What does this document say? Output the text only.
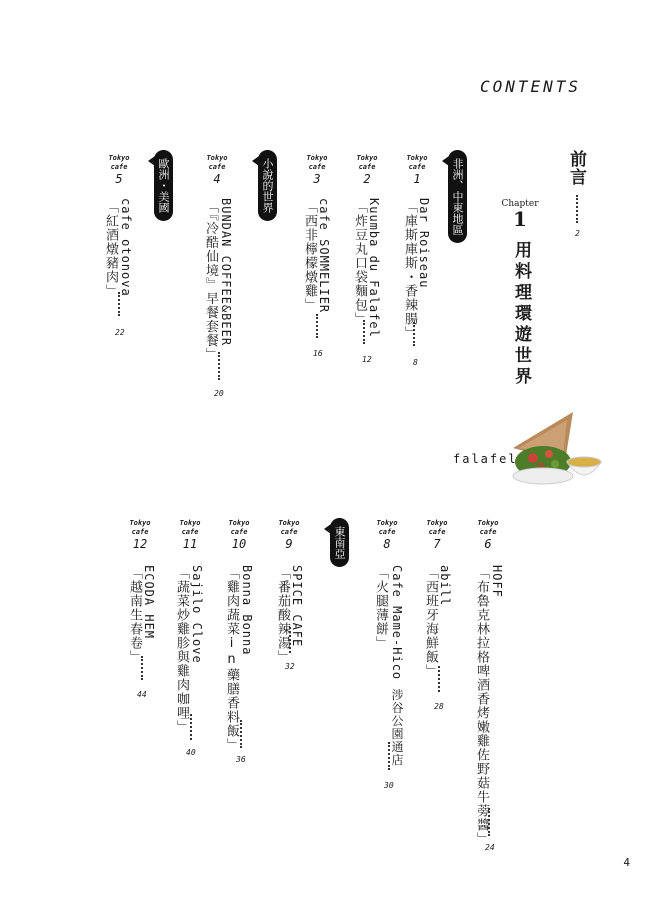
CONTENTS
前言
2
Chapter
1
用料理環遊世界
非洲、中東地區
小說的世界
歐洲・美國
東南亞
Tokyo
cafe
1
Dar Roiseau
「庫斯庫斯・香辣腸」
8
Tokyo
cafe
2
Kuumba du Falafel
「炸豆丸口袋麵包」
12
Tokyo
cafe
3
cafe SOMMELIER
「西非檸檬燉雞」
16
Tokyo
cafe
4
BUNDAN COFFEE&BEER
「『冷酷仙境』早餐套餐」
20
Tokyo
cafe
5
cafe otonova
「紅酒燉豬肉」
22
falafel
Tokyo
cafe
6
HOFF
「布魯克林拉格啤酒香烤嫩雞佐野菇牛蒡醬」
24
Tokyo
cafe
7
abill
「西班牙海鮮飯」
28
Tokyo
cafe
8
Cafe Mame-Hico 涉谷公園通店
「火腿薄餅」
30
Tokyo
cafe
9
SPICE CAFE
「番茄酸辣湯」
32
Tokyo
cafe
10
Bonna Bonna
「雞肉蔬菜in藥膳香料飯」
36
Tokyo
cafe
11
Sajilo Clove
「蔬菜炒雞胗與雞肉咖哩」
40
Tokyo
cafe
12
ECODA HEM
「越南生春卷」
44
4
